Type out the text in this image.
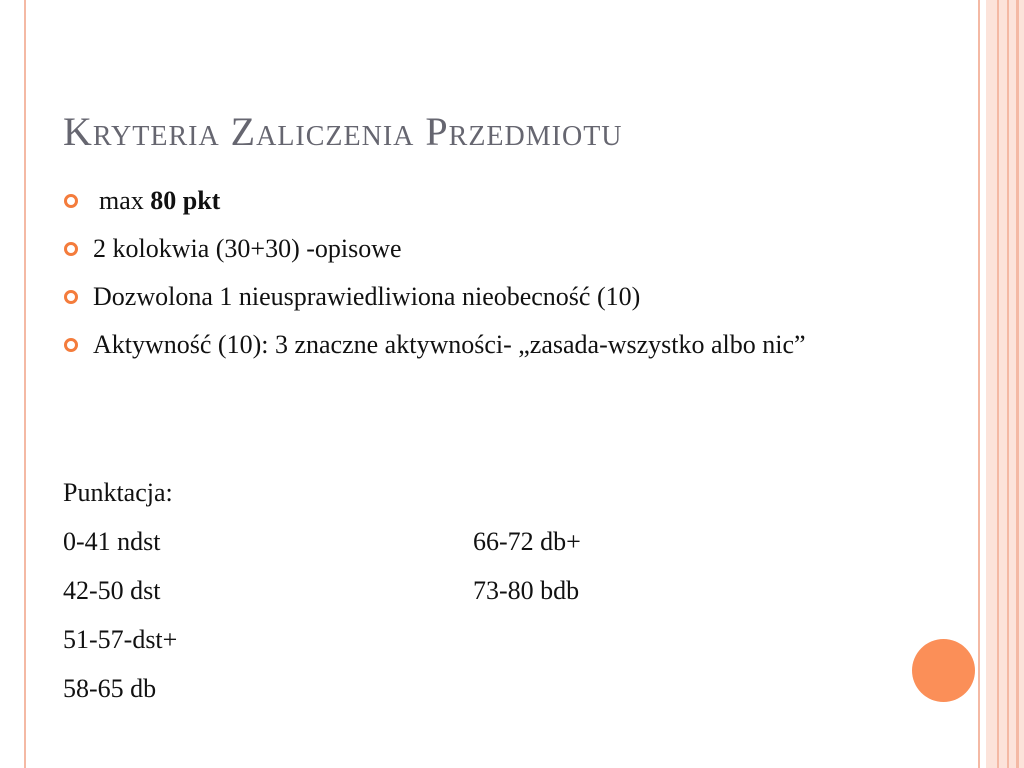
Kryteria Zaliczenia Przedmiotu
max 80 pkt
2 kolokwia (30+30) -opisowe
Dozwolona 1 nieusprawiedliwiona nieobecność (10)
Aktywność (10): 3 znaczne aktywności- „zasada-wszystko albo nic”
Punktacja:
0-41 ndst	66-72 db+
42-50 dst	73-80 bdb
51-57-dst+
58-65 db
